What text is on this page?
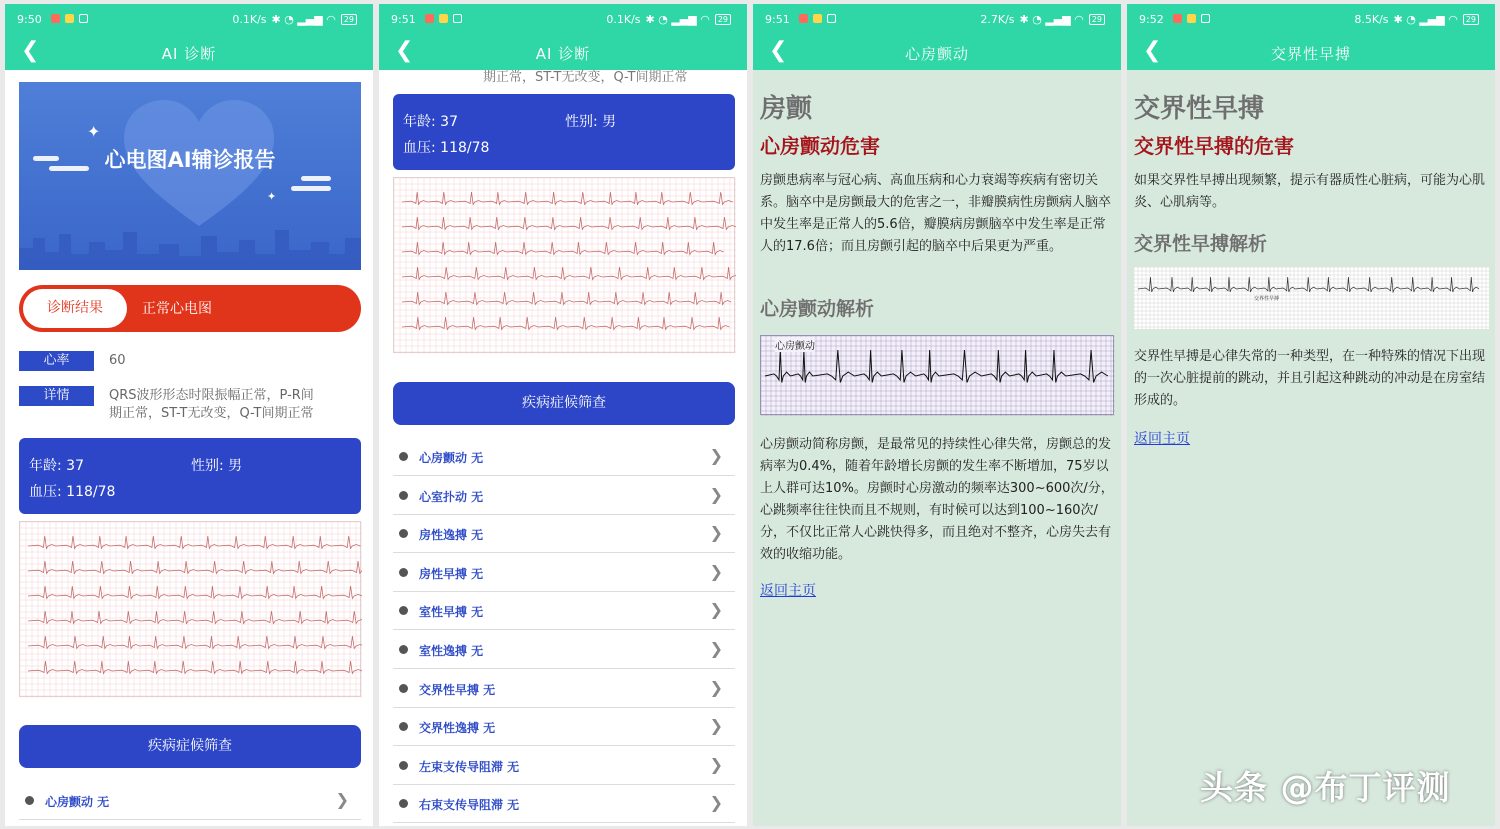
9:50	0.1K/s ✱ ◔ ▂▄▆ ◠	29
❮	AI 诊断
✦
✦
心电图AI辅诊报告
诊断结果	正常心电图
心率	60
详情	QRS波形形态时限振幅正常，P-R间
期正常，ST-T无改变，Q-T间期正常
年龄: 37	性别: 男
血压: 118/78
疾病症候筛查
心房颤动 无	❯
期正常，ST-T无改变，Q-T间期正常
9:51	0.1K/s ✱ ◔ ▂▄▆ ◠	29
❮	AI 诊断
年龄: 37	性别: 男
血压: 118/78
疾病症候筛查
心房颤动 无	❯
心室扑动 无	❯
房性逸搏 无	❯
房性早搏 无	❯
室性早搏 无	❯
室性逸搏 无	❯
交界性早搏 无	❯
交界性逸搏 无	❯
左束支传导阻滞 无	❯
右束支传导阻滞 无	❯
9:51	2.7K/s ✱ ◔ ▂▄▆ ◠	29
❮	心房颤动
房颤
心房颤动危害
房颤患病率与冠心病、高血压病和心力衰竭等疾病有密切关系。脑卒中是房颤最大的危害之一，非瓣膜病性房颤病人脑卒中发生率是正常人的5.6倍，瓣膜病房颤脑卒中发生率是正常人的17.6倍；而且房颤引起的脑卒中后果更为严重。
心房颤动解析
心房颤动
心房颤动简称房颤，是最常见的持续性心律失常，房颤总的发病率为0.4%，随着年龄增长房颤的发生率不断增加，75岁以上人群可达10%。房颤时心房激动的频率达300~600次/分，心跳频率往往快而且不规则，有时候可以达到100~160次/分，不仅比正常人心跳快得多，而且绝对不整齐，心房失去有效的收缩功能。
返回主页
9:52	8.5K/s ✱ ◔ ▂▄▆ ◠	29
❮	交界性早搏
交界性早搏
交界性早搏的危害
如果交界性早搏出现频繁，提示有器质性心脏病，可能为心肌炎、心肌病等。
交界性早搏解析
交界性早搏
交界性早搏是心律失常的一种类型，在一种特殊的情况下出现的一次心脏提前的跳动，并且引起这种跳动的冲动是在房室结形成的。
返回主页
头条 @布丁评测
